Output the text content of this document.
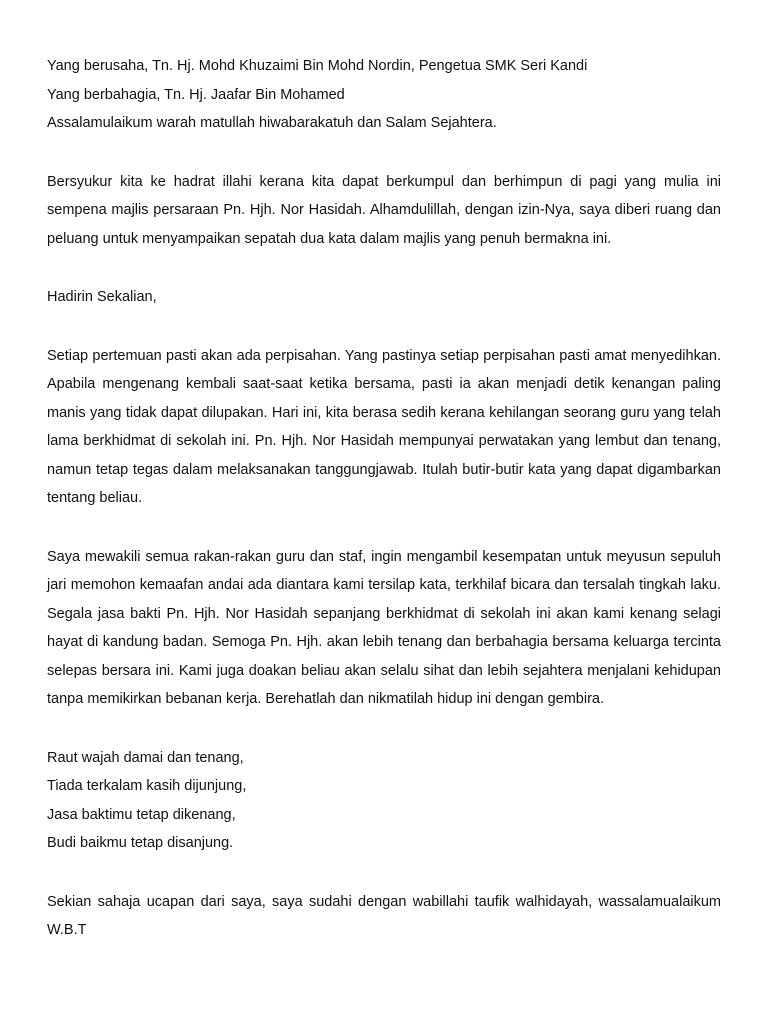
Yang berusaha, Tn. Hj. Mohd Khuzaimi Bin Mohd Nordin, Pengetua SMK Seri Kandi
Yang berbahagia, Tn. Hj. Jaafar Bin Mohamed
Assalamulaikum warah matullah hiwabarakatuh dan Salam Sejahtera.
Bersyukur kita ke hadrat illahi kerana kita dapat berkumpul dan berhimpun di pagi yang mulia ini sempena majlis persaraan Pn. Hjh. Nor Hasidah. Alhamdulillah, dengan izin-Nya, saya diberi ruang dan peluang untuk menyampaikan sepatah dua kata dalam majlis yang penuh bermakna ini.
Hadirin Sekalian,
Setiap pertemuan pasti akan ada perpisahan. Yang pastinya setiap perpisahan pasti amat menyedihkan. Apabila mengenang kembali saat-saat ketika bersama, pasti ia akan menjadi detik kenangan paling manis yang tidak dapat dilupakan. Hari ini, kita berasa sedih kerana kehilangan seorang guru yang telah lama berkhidmat di sekolah ini. Pn. Hjh. Nor Hasidah mempunyai perwatakan yang lembut dan tenang, namun tetap tegas dalam melaksanakan tanggungjawab. Itulah butir-butir kata yang dapat digambarkan tentang beliau.
Saya mewakili semua rakan-rakan guru dan staf, ingin mengambil kesempatan untuk meyusun sepuluh jari memohon kemaafan andai ada diantara kami tersilap kata, terkhilaf bicara dan tersalah tingkah laku. Segala jasa bakti Pn. Hjh. Nor Hasidah sepanjang berkhidmat di sekolah ini akan kami kenang selagi hayat di kandung badan. Semoga Pn. Hjh. akan lebih tenang dan berbahagia bersama keluarga tercinta selepas bersara ini. Kami juga doakan beliau akan selalu sihat dan lebih sejahtera menjalani kehidupan tanpa memikirkan bebanan kerja. Berehatlah dan nikmatilah hidup ini dengan gembira.
Raut wajah damai dan tenang,
Tiada terkalam kasih dijunjung,
Jasa baktimu tetap dikenang,
Budi baikmu tetap disanjung.
Sekian sahaja ucapan dari saya, saya sudahi dengan wabillahi taufik walhidayah, wassalamualaikum W.B.T
